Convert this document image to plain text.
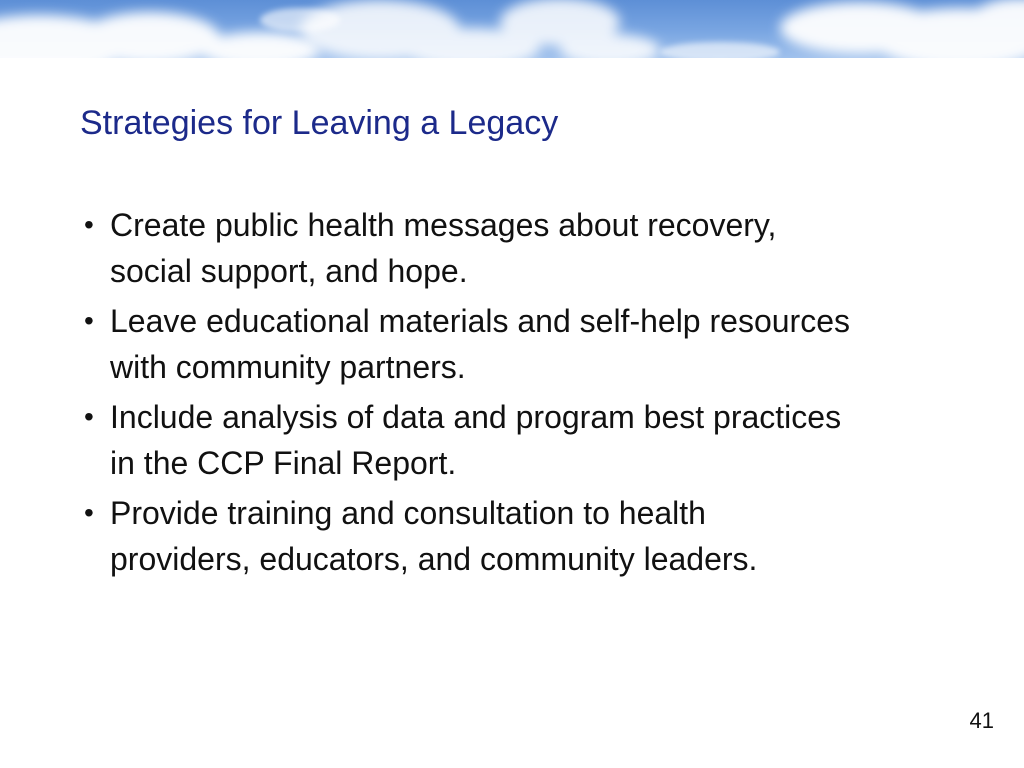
Strategies for Leaving a Legacy
• Create public health messages about recovery,
social support, and hope.
• Leave educational materials and self-help resources
with community partners.
• Include analysis of data and program best practices
in the CCP Final Report.
• Provide training and consultation to health
providers, educators, and community leaders.
41
